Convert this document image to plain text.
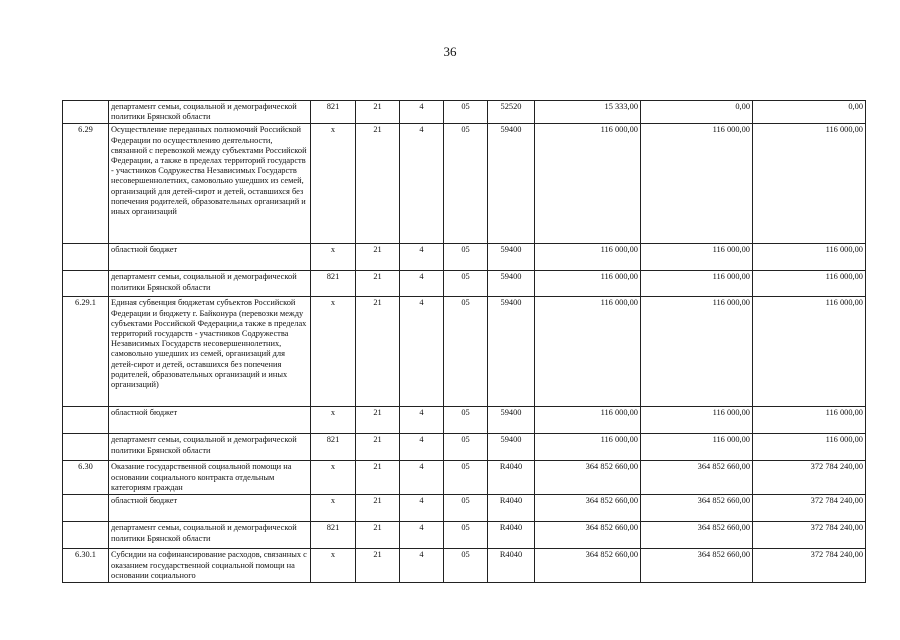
36
	департамент семьи, социальной и демографической политики Брянской области	821	21	4	05	52520	15 333,00	0,00	0,00
6.29	Осуществление переданных полномочий Российской Федерации по осуществлению деятельности, связанной с перевозкой между субъектами Российской Федерации, а также в пределах территорий государств - участников Содружества Независимых Государств несовершеннолетних, самовольно ушедших из семей, организаций для детей-сирот и детей, оставшихся без попечения родителей, образовательных организаций и иных организаций	x	21	4	05	59400	116 000,00	116 000,00	116 000,00
	областной бюджет	x	21	4	05	59400	116 000,00	116 000,00	116 000,00
	департамент семьи, социальной и демографической политики Брянской области	821	21	4	05	59400	116 000,00	116 000,00	116 000,00
6.29.1	Единая субвенция бюджетам субъектов Российской Федерации и бюджету г. Байконура (перевозки между субъектами Российской Федерации,а также в пределах территорий государств - участников Содружества Независимых Государств несовершеннолетних, самовольно ушедших из семей, организаций для детей-сирот и детей, оставшихся без попечения родителей, образовательных организаций и иных организаций)	x	21	4	05	59400	116 000,00	116 000,00	116 000,00
	областной бюджет	x	21	4	05	59400	116 000,00	116 000,00	116 000,00
	департамент семьи, социальной и демографической политики Брянской области	821	21	4	05	59400	116 000,00	116 000,00	116 000,00
6.30	Оказание государственной социальной помощи на основании социального контракта отдельным категориям граждан	x	21	4	05	R4040	364 852 660,00	364 852 660,00	372 784 240,00
	областной бюджет	x	21	4	05	R4040	364 852 660,00	364 852 660,00	372 784 240,00
	департамент семьи, социальной и демографической политики Брянской области	821	21	4	05	R4040	364 852 660,00	364 852 660,00	372 784 240,00
6.30.1	Субсидии на софинансирование расходов, связанных с оказанием государственной социальной помощи на основании социального	x	21	4	05	R4040	364 852 660,00	364 852 660,00	372 784 240,00
